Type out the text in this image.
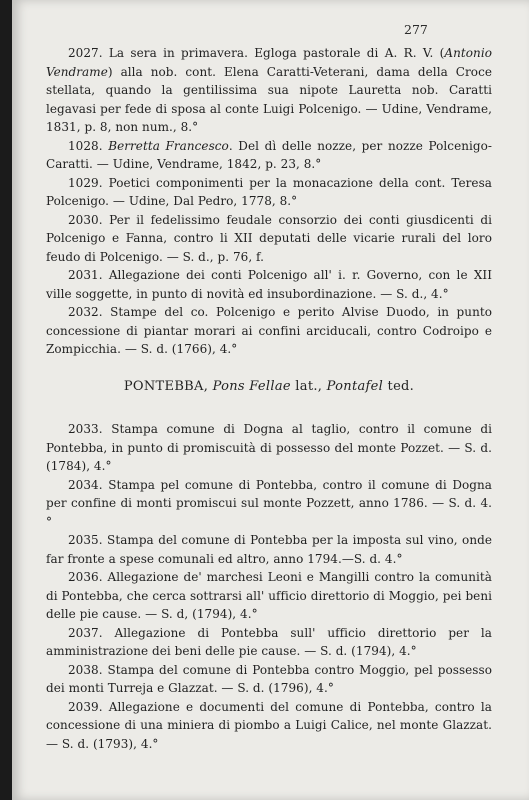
277

2027. La sera in primavera. Egloga pastorale di A. R. V. (Antonio Vendrame) alla nob. cont. Elena Caratti-Veterani, dama della Croce stellata, quando la gentilissima sua nipote Lauretta nob. Caratti legavasi per fede di sposa al conte Luigi Polcenigo. — Udine, Vendrame, 1831, p. 8, non num., 8.°

1028. Berretta Francesco. Del dì delle nozze, per nozze Polcenigo-Caratti. — Udine, Vendrame, 1842, p. 23, 8.°

1029. Poetici componimenti per la monacazione della cont. Teresa Polcenigo. — Udine, Dal Pedro, 1778, 8.°

2030. Per il fedelissimo feudale consorzio dei conti giusdicenti di Polcenigo e Fanna, contro li XII deputati delle vicarie rurali del loro feudo di Polcenigo. — S. d., p. 76, f.

2031. Allegazione dei conti Polcenigo all' i. r. Governo, con le XII ville soggette, in punto di novità ed insubordinazione. — S. d., 4.°

2032. Stampe del co. Polcenigo e perito Alvise Duodo, in punto concessione di piantar morari ai confini arciducali, contro Codroipo e Zompicchia. — S. d. (1766), 4.°

PONTEBBA, Pons Fellae lat., Pontafel ted.

2033. Stampa comune di Dogna al taglio, contro il comune di Pontebba, in punto di promiscuità di possesso del monte Pozzet. — S. d. (1784), 4.°

2034. Stampa pel comune di Pontebba, contro il comune di Dogna per confine di monti promiscui sul monte Pozzett, anno 1786. — S. d. 4.°

2035. Stampa del comune di Pontebba per la imposta sul vino, onde far fronte a spese comunali ed altro, anno 1794.—S. d. 4.°

2036. Allegazione de' marchesi Leoni e Mangilli contro la comunità di Pontebba, che cerca sottrarsi all' ufficio direttorio di Moggio, pei beni delle pie cause. — S. d, (1794), 4.°

2037. Allegazione di Pontebba sull' ufficio direttorio per la amministrazione dei beni delle pie cause. — S. d. (1794), 4.°

2038. Stampa del comune di Pontebba contro Moggio, pel possesso dei monti Turreja e Glazzat. — S. d. (1796), 4.°

2039. Allegazione e documenti del comune di Pontebba, contro la concessione di una miniera di piombo a Luigi Calice, nel monte Glazzat. — S. d. (1793), 4.°
